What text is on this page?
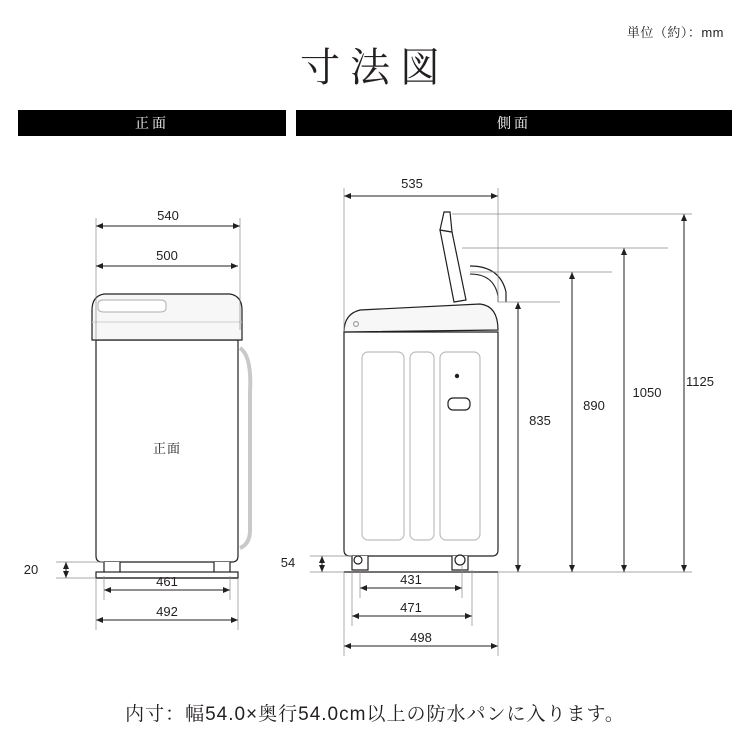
単位（約）：mm
寸法図
正面	側面
540
500
正面
461
492
20
535
1125
1050
890
835
54
431
471
498
内寸：幅54.0×奥行54.0cm以上の防水パンに入ります。
